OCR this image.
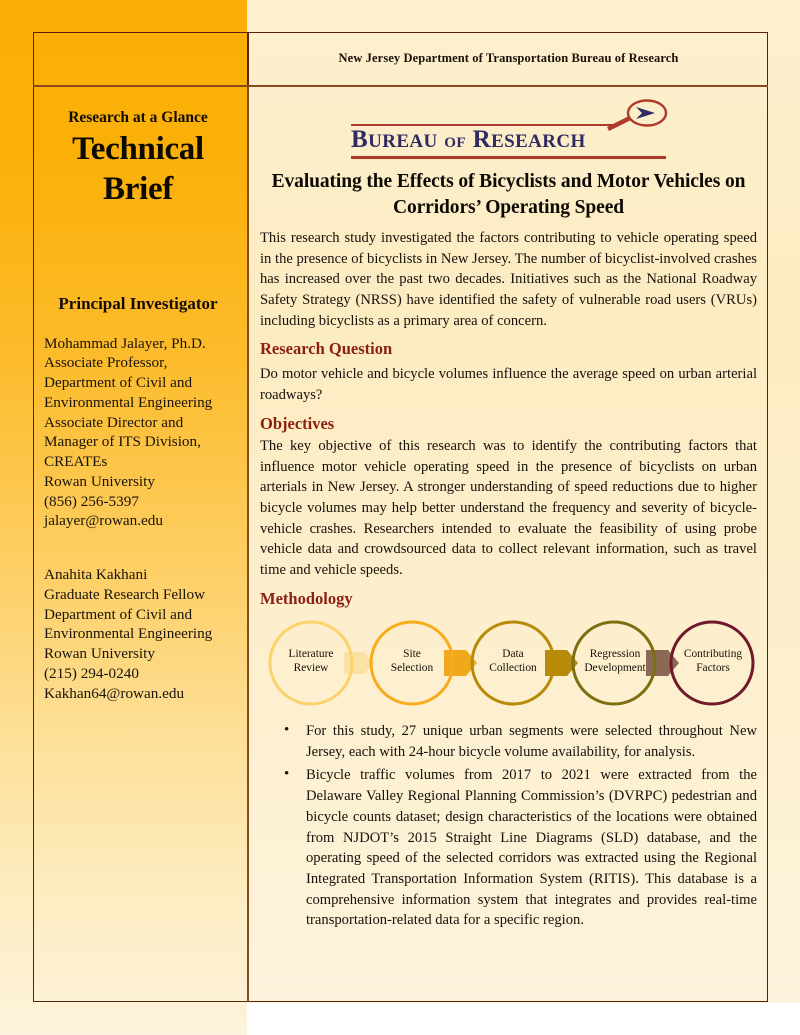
New Jersey Department of Transportation Bureau of Research
Research at a Glance
Technical
Brief
Principal Investigator
Mohammad Jalayer, Ph.D.
Associate Professor,
Department of Civil and
Environmental Engineering
Associate Director and
Manager of ITS Division,
CREATEs
Rowan University
(856) 256-5397
jalayer@rowan.edu
Anahita Kakhani
Graduate Research Fellow
Department of Civil and
Environmental Engineering
Rowan University
(215) 294-0240
Kakhan64@rowan.edu
BUREAU OF RESEARCH
Evaluating the Effects of Bicyclists and Motor Vehicles on Corridors’ Operating Speed

This research study investigated the factors contributing to vehicle operating speed in the presence of bicyclists in New Jersey. The number of bicyclist-involved crashes has increased over the past two decades. Initiatives such as the National Roadway Safety Strategy (NRSS) have identified the safety of vulnerable road users (VRUs) including bicyclists as a primary area of concern.

Research Question

Do motor vehicle and bicycle volumes influence the average speed on urban arterial roadways?

Objectives

The key objective of this research was to identify the contributing factors that influence motor vehicle operating speed in the presence of bicyclists on urban arterials in New Jersey. A stronger understanding of speed reductions due to higher bicycle volumes may help better understand the frequency and severity of bicycle-vehicle crashes. Researchers intended to evaluate the feasibility of using probe vehicle data and crowdsourced data to collect relevant information, such as travel time and vehicle speeds.

Methodology
Literature
Review
Site
Selection
Data
Collection
Regression
Development
Contributing
Factors
• For this study, 27 unique urban segments were selected throughout New Jersey, each with 24-hour bicycle volume availability, for analysis.
• Bicycle traffic volumes from 2017 to 2021 were extracted from the Delaware Valley Regional Planning Commission’s (DVRPC) pedestrian and bicycle counts dataset; design characteristics of the locations were obtained from NJDOT’s 2015 Straight Line Diagrams (SLD) database, and the operating speed of the selected corridors was extracted using the Regional Integrated Transportation Information System (RITIS). This database is a comprehensive information system that integrates and provides real-time transportation-related data for a specific region.
